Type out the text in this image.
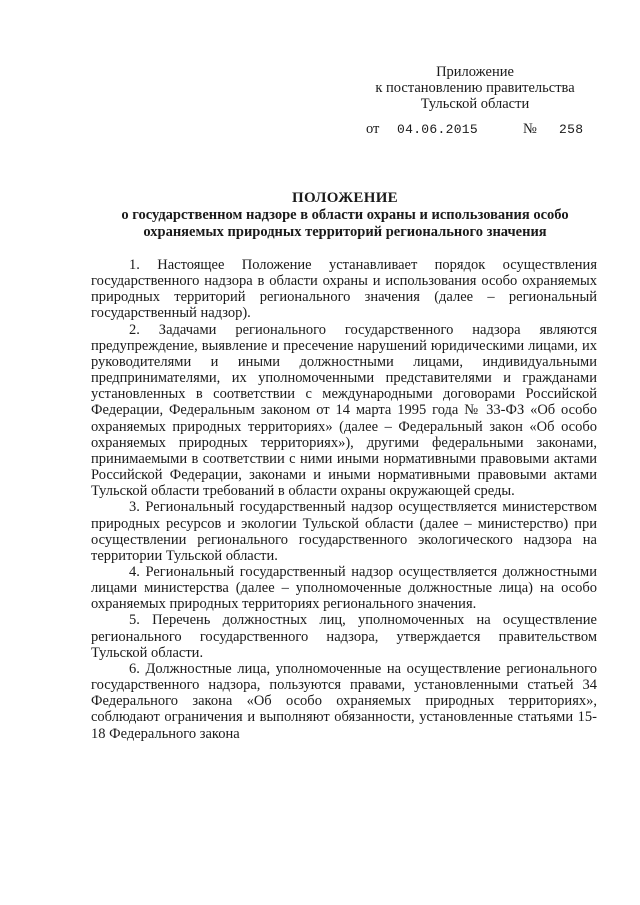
Приложение
к постановлению правительства
Тульской области
от 04.06.2015	№ 258
ПОЛОЖЕНИЕ
о государственном надзоре в области охраны и использования особо
охраняемых природных территорий регионального значения

1. Настоящее Положение устанавливает порядок осуществления государственного надзора в области охраны и использования особо охраняемых природных территорий регионального значения (далее – региональный государственный надзор).

2. Задачами регионального государственного надзора являются предупреждение, выявление и пресечение нарушений юридическими лицами, их руководителями и иными должностными лицами, индивидуальными предпринимателями, их уполномоченными представителями и гражданами установленных в соответствии с международными договорами Российской Федерации, Федеральным законом от 14 марта 1995 года № 33-ФЗ «Об особо охраняемых природных территориях» (далее – Федеральный закон «Об особо охраняемых природных территориях»), другими федеральными законами, принимаемыми в соответствии с ними иными нормативными правовыми актами Российской Федерации, законами и иными нормативными правовыми актами Тульской области требований в области охраны окружающей среды.

3. Региональный государственный надзор осуществляется министерством природных ресурсов и экологии Тульской области (далее – министерство) при осуществлении регионального государственного экологического надзора на территории Тульской области.

4. Региональный государственный надзор осуществляется должностными лицами министерства (далее – уполномоченные должностные лица) на особо охраняемых природных территориях регионального значения.

5. Перечень должностных лиц, уполномоченных на осуществление регионального государственного надзора, утверждается правительством Тульской области.

6. Должностные лица, уполномоченные на осуществление регионального государственного надзора, пользуются правами, установленными статьей 34 Федерального закона «Об особо охраняемых природных территориях», соблюдают ограничения и выполняют обязанности, установленные статьями 15-18 Федерального закона
